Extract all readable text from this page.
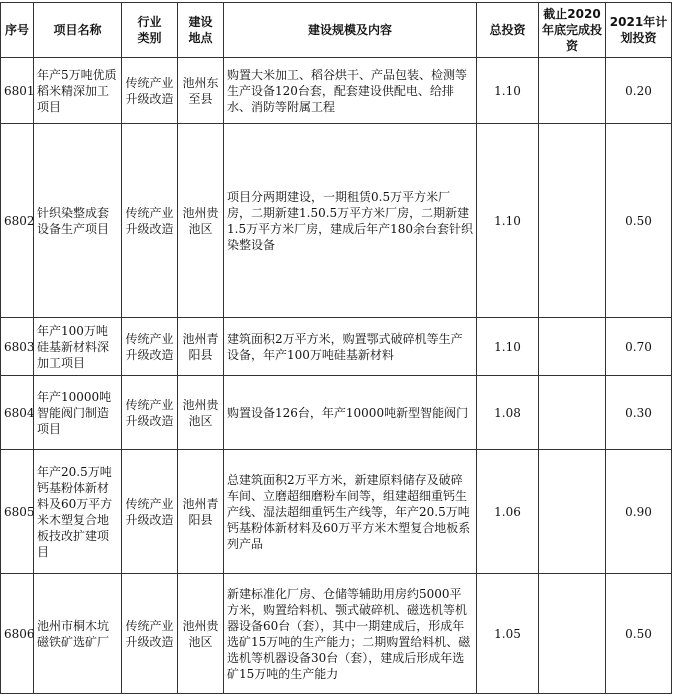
序号	项目名称	行业类别	建设地点	建设规模及内容	总投资	截止2020年底完成投资	2021年计划投资
6801	年产5万吨优质稻米精深加工项目	传统产业升级改造	池州东至县	购置大米加工、稻谷烘干、产品包装、检测等生产设备120台套，配套建设供配电、给排水、消防等附属工程	1.10		0.20
6802	针织染整成套设备生产项目	传统产业升级改造	池州贵池区	项目分两期建设，一期租赁0.5万平方米厂房，二期新建1.50.5万平方米厂房，二期新建1.5万平方米厂房，建成后年产180余台套针织染整设备	1.10		0.50
6803	年产100万吨硅基新材料深加工项目	传统产业升级改造	池州青阳县	建筑面积2万平方米，购置鄂式破碎机等生产设备，年产100万吨硅基新材料	1.10		0.70
6804	年产10000吨智能阀门制造项目	传统产业升级改造	池州贵池区	购置设备126台，年产10000吨新型智能阀门	1.08		0.30
6805	年产20.5万吨钙基粉体新材料及60万平方米木塑复合地板技改扩建项目	传统产业升级改造	池州青阳县	总建筑面积2万平方米，新建原料储存及破碎车间、立磨超细磨粉车间等，组建超细重钙生产线、湿法超细重钙生产线等，年产20.5万吨钙基粉体新材料及60万平方米木塑复合地板系列产品	1.06		0.90
6806	池州市桐木坑磁铁矿选矿厂	传统产业升级改造	池州贵池区	新建标准化厂房、仓储等辅助用房约5000平方米，购置给料机、颚式破碎机、磁选机等机器设备60台（套），其中一期建成后，形成年选矿15万吨的生产能力；二期购置给料机、磁选机等机器设备30台（套），建成后形成年选矿15万吨的生产能力	1.05		0.50
